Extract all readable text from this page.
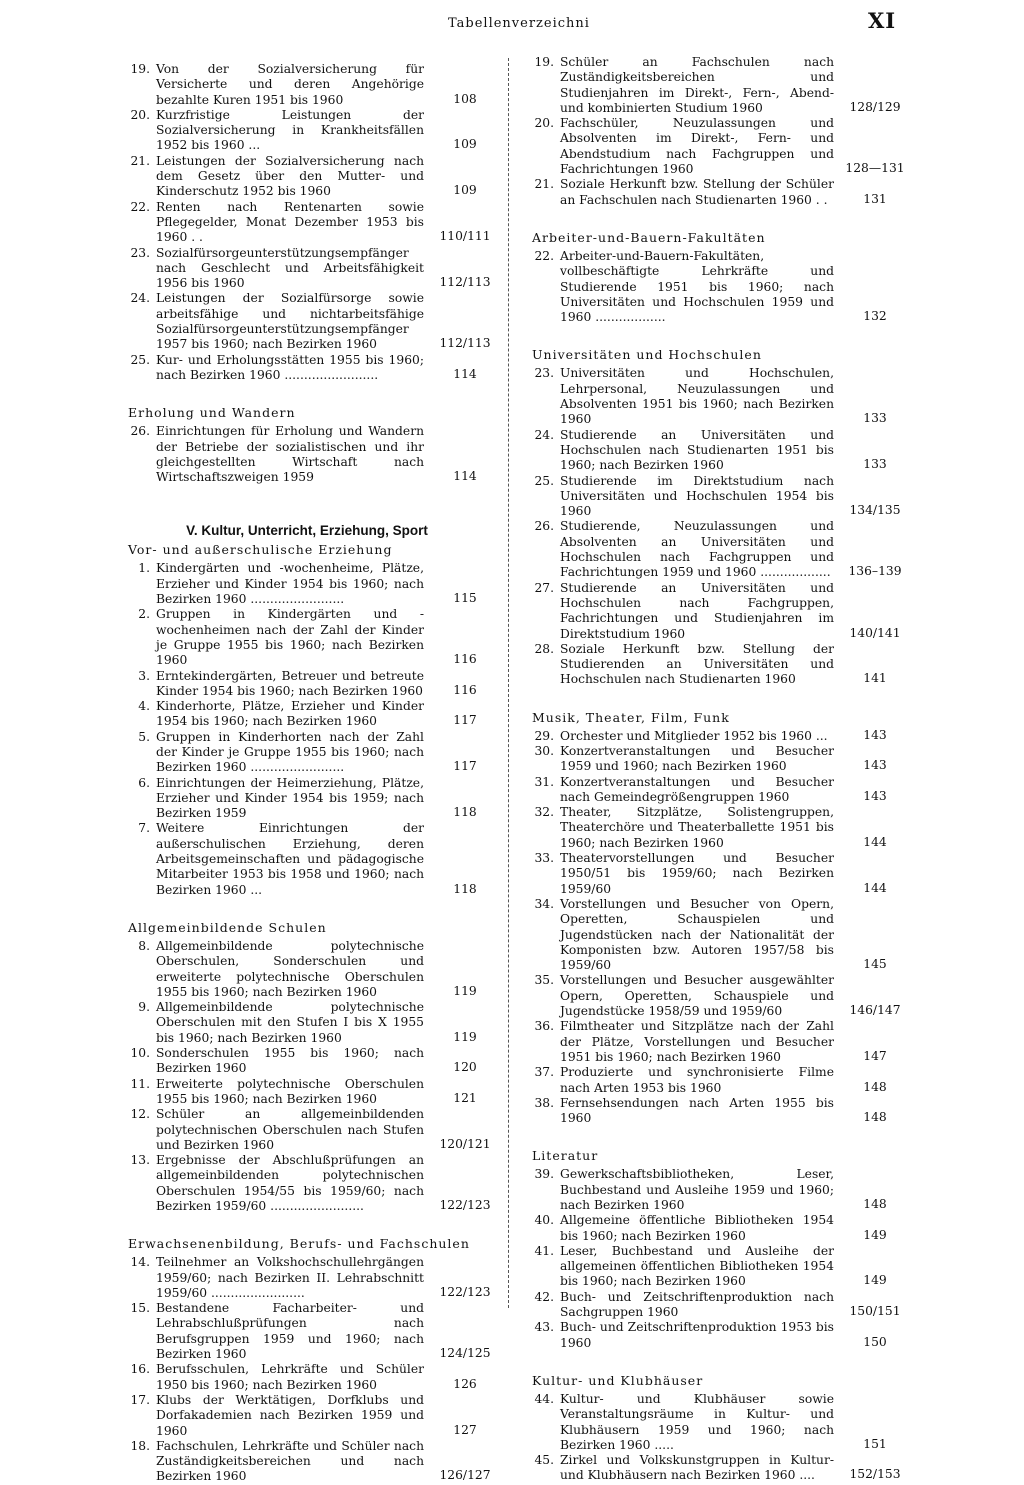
Tabellenverzeichni	XI
19. Von der Sozialversicherung für Versicherte und deren Angehörige bezahlte Kuren 1951 bis 1960	108
20. Kurzfristige Leistungen der Sozialversicherung in Krankheitsfällen 1952 bis 1960 ...	109
21. Leistungen der Sozialversicherung nach dem Gesetz über den Mutter- und Kinderschutz 1952 bis 1960	109
22. Renten nach Rentenarten sowie Pflegegelder, Monat Dezember 1953 bis 1960 . .	110/111
23. Sozialfürsorgeunterstützungsempfänger nach Geschlecht und Arbeitsfähigkeit 1956 bis 1960	112/113
24. Leistungen der Sozialfürsorge sowie arbeitsfähige und nichtarbeitsfähige Sozialfürsorgeunterstützungsempfänger 1957 bis 1960; nach Bezirken 1960	112/113
25. Kur- und Erholungsstätten 1955 bis 1960; nach Bezirken 1960 ........................	114
Erholung und Wandern
26. Einrichtungen für Erholung und Wandern der Betriebe der sozialistischen und ihr gleichgestellten Wirtschaft nach Wirtschaftszweigen 1959	114
V. Kultur, Unterricht, Erziehung, Sport
Vor- und außerschulische Erziehung
1. Kindergärten und -wochenheime, Plätze, Erzieher und Kinder 1954 bis 1960; nach Bezirken 1960 ........................	115
2. Gruppen in Kindergärten und -wochenheimen nach der Zahl der Kinder je Gruppe 1955 bis 1960; nach Bezirken 1960	116
3. Erntekindergärten, Betreuer und betreute Kinder 1954 bis 1960; nach Bezirken 1960	116
4. Kinderhorte, Plätze, Erzieher und Kinder 1954 bis 1960; nach Bezirken 1960	117
5. Gruppen in Kinderhorten nach der Zahl der Kinder je Gruppe 1955 bis 1960; nach Bezirken 1960 ........................	117
6. Einrichtungen der Heimerziehung, Plätze, Erzieher und Kinder 1954 bis 1959; nach Bezirken 1959	118
7. Weitere Einrichtungen der außerschulischen Erziehung, deren Arbeitsgemeinschaften und pädagogische Mitarbeiter 1953 bis 1958 und 1960; nach Bezirken 1960 ...	118
Allgemeinbildende Schulen
8. Allgemeinbildende polytechnische Oberschulen, Sonderschulen und erweiterte polytechnische Oberschulen 1955 bis 1960; nach Bezirken 1960	119
9. Allgemeinbildende polytechnische Oberschulen mit den Stufen I bis X 1955 bis 1960; nach Bezirken 1960	119
10. Sonderschulen 1955 bis 1960; nach Bezirken 1960	120
11. Erweiterte polytechnische Oberschulen 1955 bis 1960; nach Bezirken 1960	121
12. Schüler an allgemeinbildenden polytechnischen Oberschulen nach Stufen und Bezirken 1960	120/121
13. Ergebnisse der Abschlußprüfungen an allgemeinbildenden polytechnischen Oberschulen 1954/55 bis 1959/60; nach Bezirken 1959/60 ........................	122/123
Erwachsenenbildung, Berufs- und Fachschulen
14. Teilnehmer an Volkshochschullehrgängen 1959/60; nach Bezirken II. Lehrabschnitt 1959/60 ........................	122/123
15. Bestandene Facharbeiter- und Lehrabschlußprüfungen nach Berufsgruppen 1959 und 1960; nach Bezirken 1960	124/125
16. Berufsschulen, Lehrkräfte und Schüler 1950 bis 1960; nach Bezirken 1960	126
17. Klubs der Werktätigen, Dorfklubs und Dorfakademien nach Bezirken 1959 und 1960	127
18. Fachschulen, Lehrkräfte und Schüler nach Zuständigkeitsbereichen und nach Bezirken 1960	126/127
19. Schüler an Fachschulen nach Zuständigkeitsbereichen und Studienjahren im Direkt-, Fern-, Abend- und kombinierten Studium 1960	128/129
20. Fachschüler, Neuzulassungen und Absolventen im Direkt-, Fern- und Abendstudium nach Fachgruppen und Fachrichtungen 1960	128—131
21. Soziale Herkunft bzw. Stellung der Schüler an Fachschulen nach Studienarten 1960 . .	131
Arbeiter-und-Bauern-Fakultäten
22. Arbeiter-und-Bauern-Fakultäten, vollbeschäftigte Lehrkräfte und Studierende 1951 bis 1960; nach Universitäten und Hochschulen 1959 und 1960 ..................	132
Universitäten und Hochschulen
23. Universitäten und Hochschulen, Lehrpersonal, Neuzulassungen und Absolventen 1951 bis 1960; nach Bezirken 1960	133
24. Studierende an Universitäten und Hochschulen nach Studienarten 1951 bis 1960; nach Bezirken 1960	133
25. Studierende im Direktstudium nach Universitäten und Hochschulen 1954 bis 1960	134/135
26. Studierende, Neuzulassungen und Absolventen an Universitäten und Hochschulen nach Fachgruppen und Fachrichtungen 1959 und 1960 ..................	136–139
27. Studierende an Universitäten und Hochschulen nach Fachgruppen, Fachrichtungen und Studienjahren im Direktstudium 1960	140/141
28. Soziale Herkunft bzw. Stellung der Studierenden an Universitäten und Hochschulen nach Studienarten 1960	141
Musik, Theater, Film, Funk
29. Orchester und Mitglieder 1952 bis 1960 ...	143
30. Konzertveranstaltungen und Besucher 1959 und 1960; nach Bezirken 1960	143
31. Konzertveranstaltungen und Besucher nach Gemeindegrößengruppen 1960	143
32. Theater, Sitzplätze, Solistengruppen, Theaterchöre und Theaterballette 1951 bis 1960; nach Bezirken 1960	144
33. Theatervorstellungen und Besucher 1950/51 bis 1959/60; nach Bezirken 1959/60	144
34. Vorstellungen und Besucher von Opern, Operetten, Schauspielen und Jugendstücken nach der Nationalität der Komponisten bzw. Autoren 1957/58 bis 1959/60	145
35. Vorstellungen und Besucher ausgewählter Opern, Operetten, Schauspiele und Jugendstücke 1958/59 und 1959/60	146/147
36. Filmtheater und Sitzplätze nach der Zahl der Plätze, Vorstellungen und Besucher 1951 bis 1960; nach Bezirken 1960	147
37. Produzierte und synchronisierte Filme nach Arten 1953 bis 1960	148
38. Fernsehsendungen nach Arten 1955 bis 1960	148
Literatur
39. Gewerkschaftsbibliotheken, Leser, Buchbestand und Ausleihe 1959 und 1960; nach Bezirken 1960	148
40. Allgemeine öffentliche Bibliotheken 1954 bis 1960; nach Bezirken 1960	149
41. Leser, Buchbestand und Ausleihe der allgemeinen öffentlichen Bibliotheken 1954 bis 1960; nach Bezirken 1960	149
42. Buch- und Zeitschriftenproduktion nach Sachgruppen 1960	150/151
43. Buch- und Zeitschriftenproduktion 1953 bis 1960	150
Kultur- und Klubhäuser
44. Kultur- und Klubhäuser sowie Veranstaltungsräume in Kultur- und Klubhäusern 1959 und 1960; nach Bezirken 1960 .....	151
45. Zirkel und Volkskunstgruppen in Kultur- und Klubhäusern nach Bezirken 1960 ....	152/153
